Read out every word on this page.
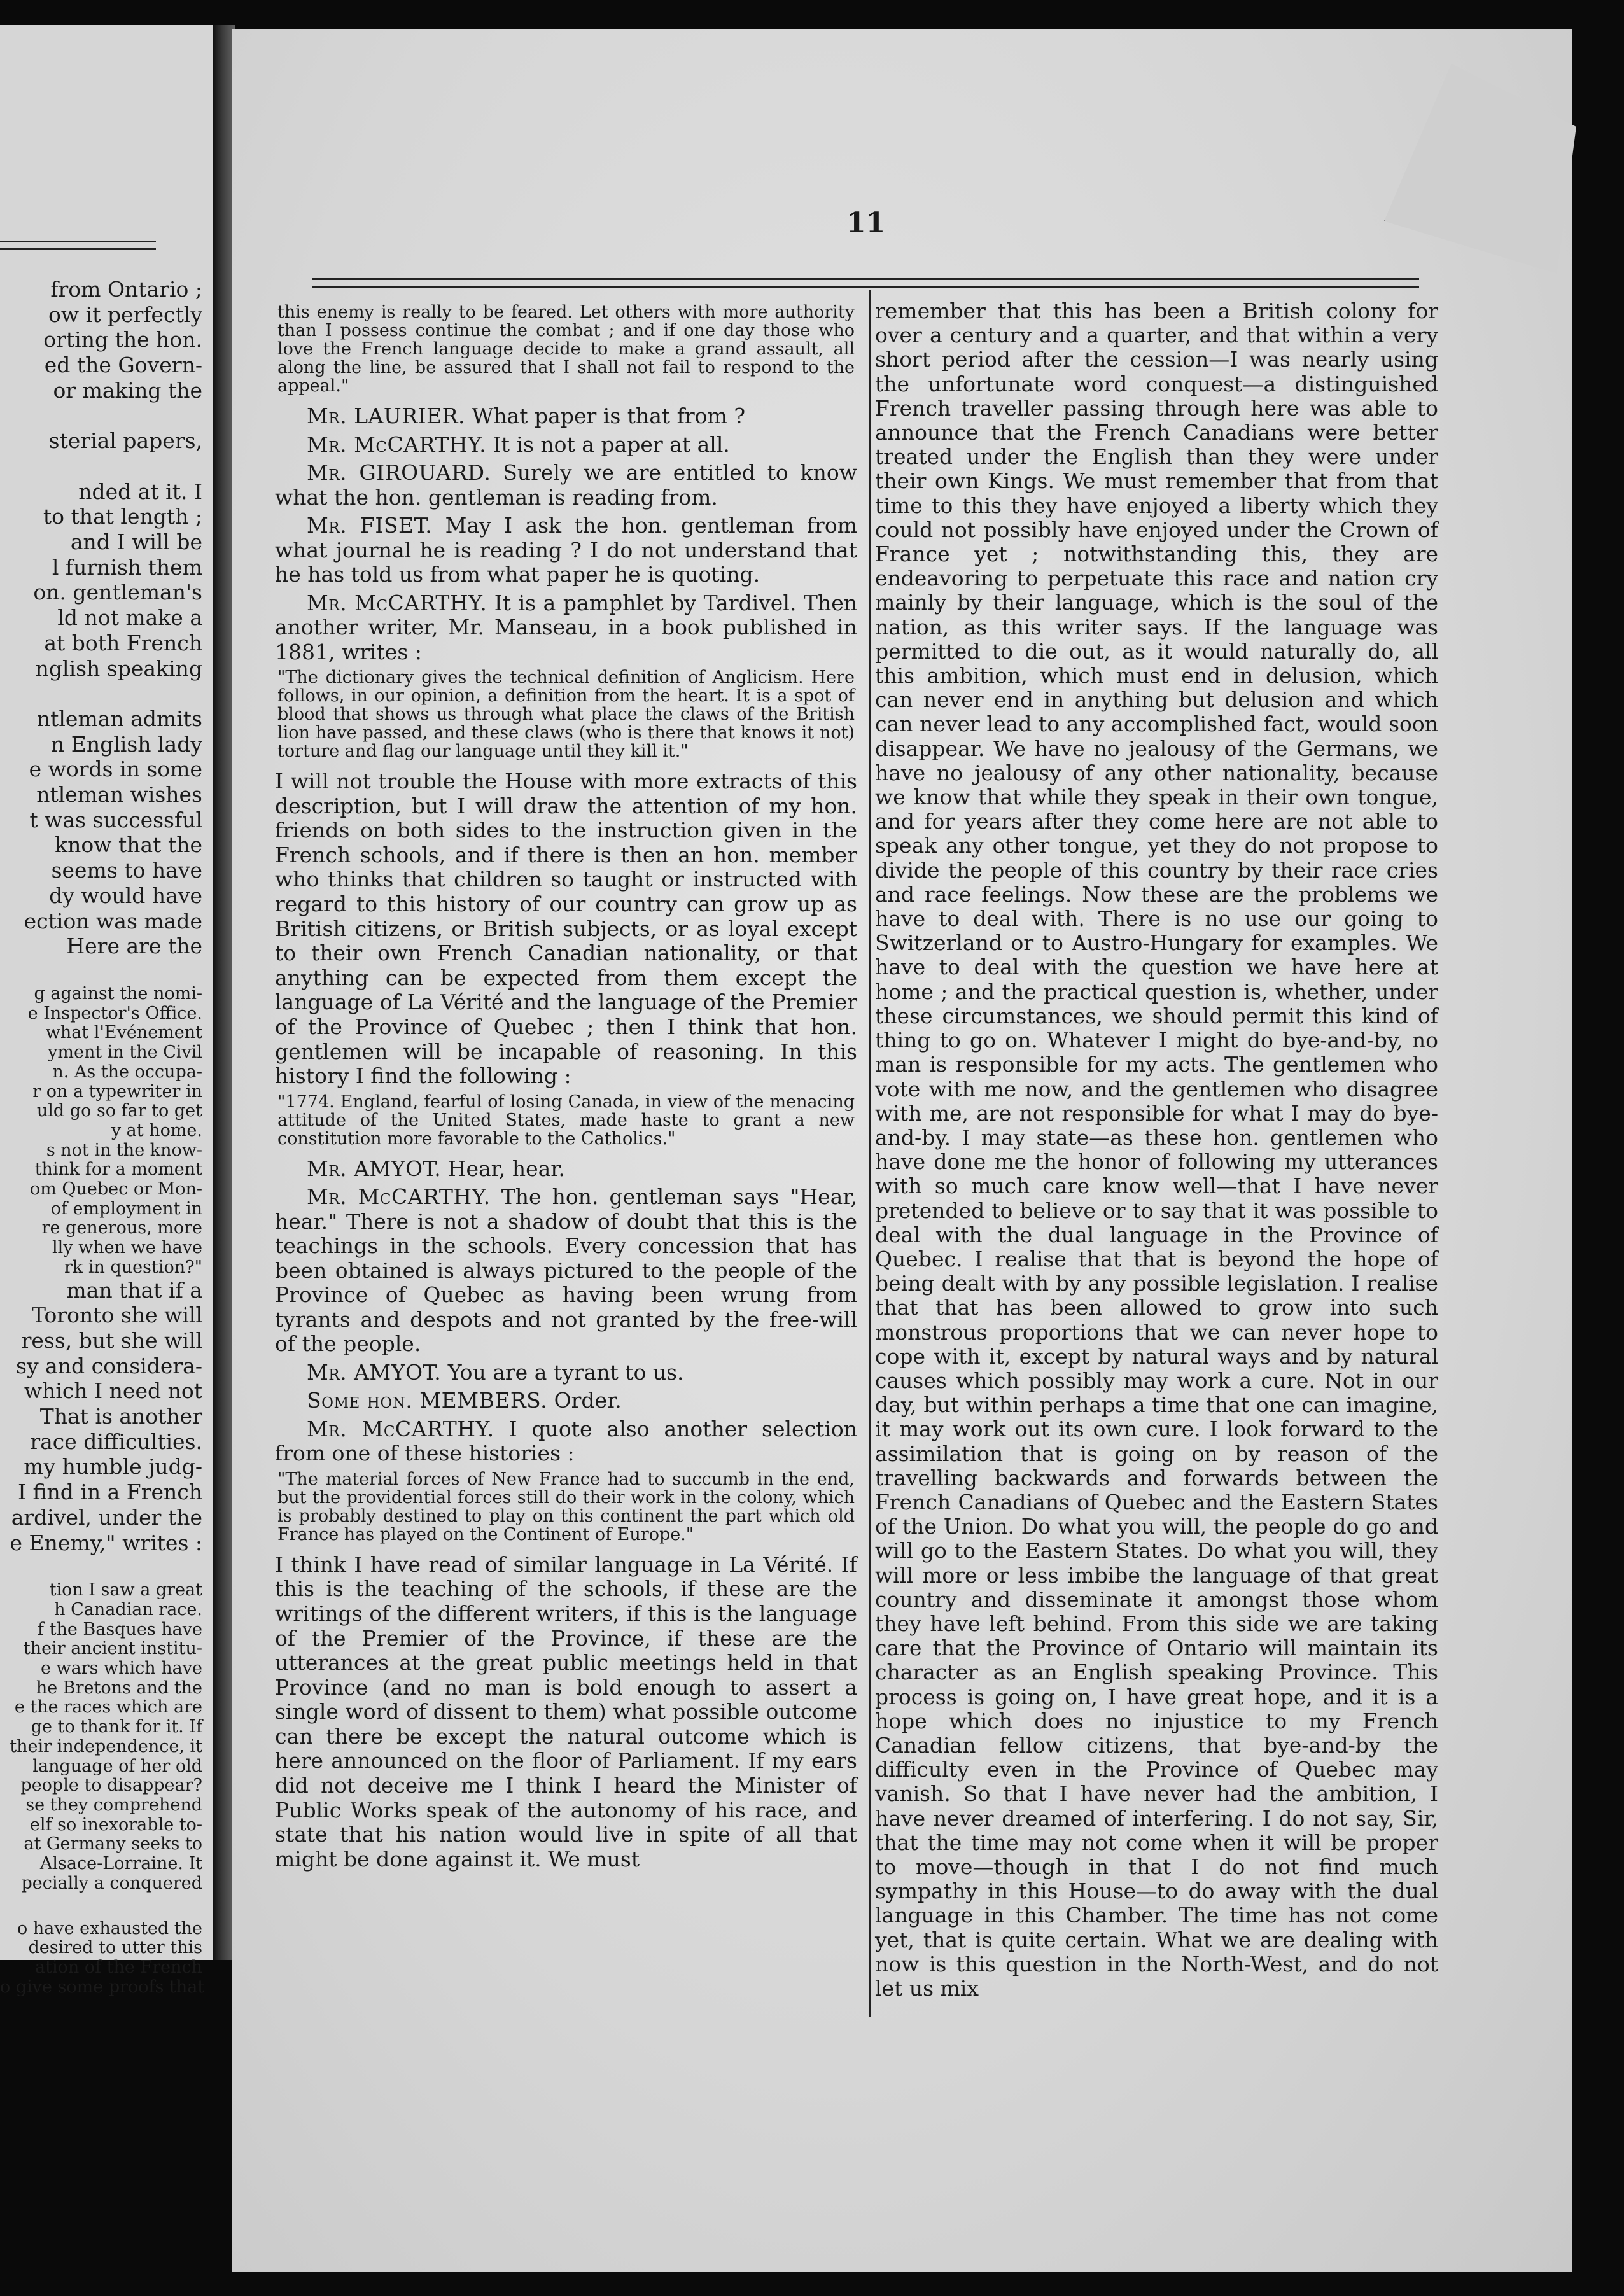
from Ontario ;
ow it perfectly
orting the hon.
ed the Govern-
or making the

sterial papers,

nded at it. I
to that length ;
and I will be
l furnish them
on. gentleman's
ld not make a
at both French
nglish speaking

ntleman admits
n English lady
e words in some
ntleman wishes
t was successful
know that the
seems to have
dy would have
ection was made
Here are the
g against the nomi-
e Inspector's Office.
what l'Evénement
yment in the Civil
n. As the occupa-
r on a typewriter in
uld go so far to get
y at home.
s not in the know-
think for a moment
om Quebec or Mon-
of employment in
re generous, more
lly when we have
rk in question?"
man that if a
Toronto she will
ress, but she will
sy and considera-
which I need not
That is another
race difficulties.
my humble judg-
I find in a French
ardivel, under the
e Enemy," writes :
tion I saw a great
h Canadian race.
f the Basques have
their ancient institu-
e wars which have
he Bretons and the
e the races which are
ge to thank for it. If
their independence, it
language of her old
people to disappear?
se they comprehend
elf so inexorable to-
at Germany seeks to
Alsace-Lorraine. It
pecially a conquered
o have exhausted the
desired to utter this
ation of the French
o give some proofs that
11

this enemy is really to be feared. Let others with more authority than I possess continue the combat ; and if one day those who love the French language decide to make a grand assault, all along the line, be assured that I shall not fail to respond to the appeal."

Mr. LAURIER. What paper is that from ?

Mr. McCARTHY. It is not a paper at all.

Mr. GIROUARD. Surely we are entitled to know what the hon. gentleman is reading from.

Mr. FISET. May I ask the hon. gentleman from what journal he is reading ? I do not understand that he has told us from what paper he is quoting.

Mr. McCARTHY. It is a pamphlet by Tardivel. Then another writer, Mr. Manseau, in a book published in 1881, writes :

"The dictionary gives the technical definition of Anglicism. Here follows, in our opinion, a definition from the heart. It is a spot of blood that shows us through what place the claws of the British lion have passed, and these claws (who is there that knows it not) torture and flag our language until they kill it."

I will not trouble the House with more extracts of this description, but I will draw the attention of my hon. friends on both sides to the instruction given in the French schools, and if there is then an hon. member who thinks that children so taught or instructed with regard to this history of our country can grow up as British citizens, or British subjects, or as loyal except to their own French Canadian nationality, or that anything can be expected from them except the language of La Vérité and the language of the Premier of the Province of Quebec ; then I think that hon. gentlemen will be incapable of reasoning. In this history I find the following :

"1774. England, fearful of losing Canada, in view of the menacing attitude of the United States, made haste to grant a new constitution more favorable to the Catholics."

Mr. AMYOT. Hear, hear.

Mr. McCARTHY. The hon. gentleman says "Hear, hear." There is not a shadow of doubt that this is the teachings in the schools. Every concession that has been obtained is always pictured to the people of the Province of Quebec as having been wrung from tyrants and despots and not granted by the free-will of the people.

Mr. AMYOT. You are a tyrant to us.

Some hon. MEMBERS. Order.

Mr. McCARTHY. I quote also another selection from one of these histories :

"The material forces of New France had to succumb in the end, but the providential forces still do their work in the colony, which is probably destined to play on this continent the part which old France has played on the Continent of Europe."

I think I have read of similar language in La Vérité. If this is the teaching of the schools, if these are the writings of the different writers, if this is the language of the Premier of the Province, if these are the utterances at the great public meetings held in that Province (and no man is bold enough to assert a single word of dissent to them) what possible outcome can there be except the natural outcome which is here announced on the floor of Parliament. If my ears did not deceive me I think I heard the Minister of Public Works speak of the autonomy of his race, and state that his nation would live in spite of all that might be done against it. We must

remember that this has been a British colony for over a century and a quarter, and that within a very short period after the cession—I was nearly using the unfortunate word conquest—a distinguished French traveller passing through here was able to announce that the French Canadians were better treated under the English than they were under their own Kings. We must remember that from that time to this they have enjoyed a liberty which they could not possibly have enjoyed under the Crown of France yet ; notwithstanding this, they are endeavoring to perpetuate this race and nation cry mainly by their language, which is the soul of the nation, as this writer says. If the language was permitted to die out, as it would naturally do, all this ambition, which must end in delusion, which can never end in anything but delusion and which can never lead to any accomplished fact, would soon disappear. We have no jealousy of the Germans, we have no jealousy of any other nationality, because we know that while they speak in their own tongue, and for years after they come here are not able to speak any other tongue, yet they do not propose to divide the people of this country by their race cries and race feelings. Now these are the problems we have to deal with. There is no use our going to Switzerland or to Austro-Hungary for examples. We have to deal with the question we have here at home ; and the practical question is, whether, under these circumstances, we should permit this kind of thing to go on. Whatever I might do bye-and-by, no man is responsible for my acts. The gentlemen who vote with me now, and the gentlemen who disagree with me, are not responsible for what I may do bye-and-by. I may state—as these hon. gentlemen who have done me the honor of following my utterances with so much care know well—that I have never pretended to believe or to say that it was possible to deal with the dual language in the Province of Quebec. I realise that that is beyond the hope of being dealt with by any possible legislation. I realise that that has been allowed to grow into such monstrous proportions that we can never hope to cope with it, except by natural ways and by natural causes which possibly may work a cure. Not in our day, but within perhaps a time that one can imagine, it may work out its own cure. I look forward to the assimilation that is going on by reason of the travelling backwards and forwards between the French Canadians of Quebec and the Eastern States of the Union. Do what you will, the people do go and will go to the Eastern States. Do what you will, they will more or less imbibe the language of that great country and disseminate it amongst those whom they have left behind. From this side we are taking care that the Province of Ontario will maintain its character as an English speaking Province. This process is going on, I have great hope, and it is a hope which does no injustice to my French Canadian fellow citizens, that bye-and-by the difficulty even in the Province of Quebec may vanish. So that I have never had the ambition, I have never dreamed of interfering. I do not say, Sir, that the time may not come when it will be proper to move—though in that I do not find much sympathy in this House—to do away with the dual language in this Chamber. The time has not come yet, that is quite certain. What we are dealing with now is this question in the North-West, and do not let us mix
